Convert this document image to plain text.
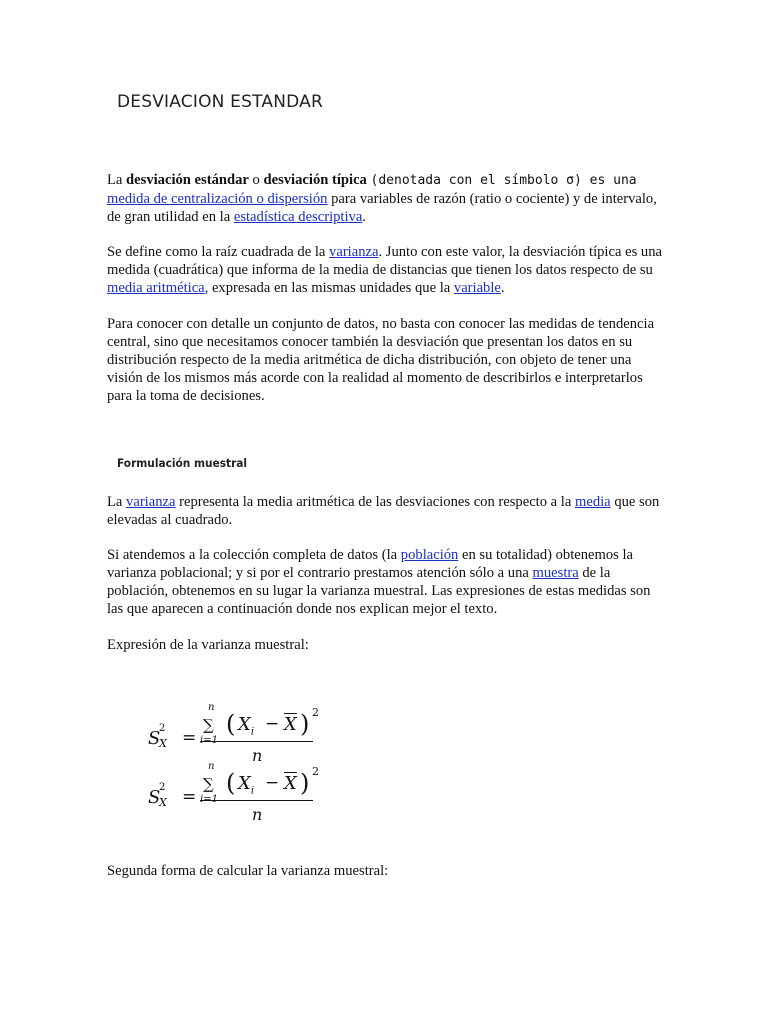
DESVIACION ESTANDAR

La desviación estándar o desviación típica (denotada con el símbolo σ) es una medida de centralización o dispersión para variables de razón (ratio o cociente) y de intervalo, de gran utilidad en la estadística descriptiva.

Se define como la raíz cuadrada de la varianza. Junto con este valor, la desviación típica es una medida (cuadrática) que informa de la media de distancias que tienen los datos respecto de su media aritmética, expresada en las mismas unidades que la variable.

Para conocer con detalle un conjunto de datos, no basta con conocer las medidas de tendencia central, sino que necesitamos conocer también la desviación que presentan los datos en su distribución respecto de la media aritmética de dicha distribución, con objeto de tener una visión de los mismos más acorde con la realidad al momento de describirlos e interpretarlos para la toma de decisiones.

Formulación muestral

La varianza representa la media aritmética de las desviaciones con respecto a la media que son elevadas al cuadrado.

Si atendemos a la colección completa de datos (la población en su totalidad) obtenemos la varianza poblacional; y si por el contrario prestamos atención sólo a una muestra de la población, obtenemos en su lugar la varianza muestral. Las expresiones de estas medidas son las que aparecen a continuación donde nos explican mejor el texto.

Expresión de la varianza muestral:

S
2
X =
n
∑ ( $X_i - \overline{X}$ ) 2
n
S
2
X =
n
∑ ( $X_i - \overline{X}$ ) 2
n

Segunda forma de calcular la varianza muestral:
